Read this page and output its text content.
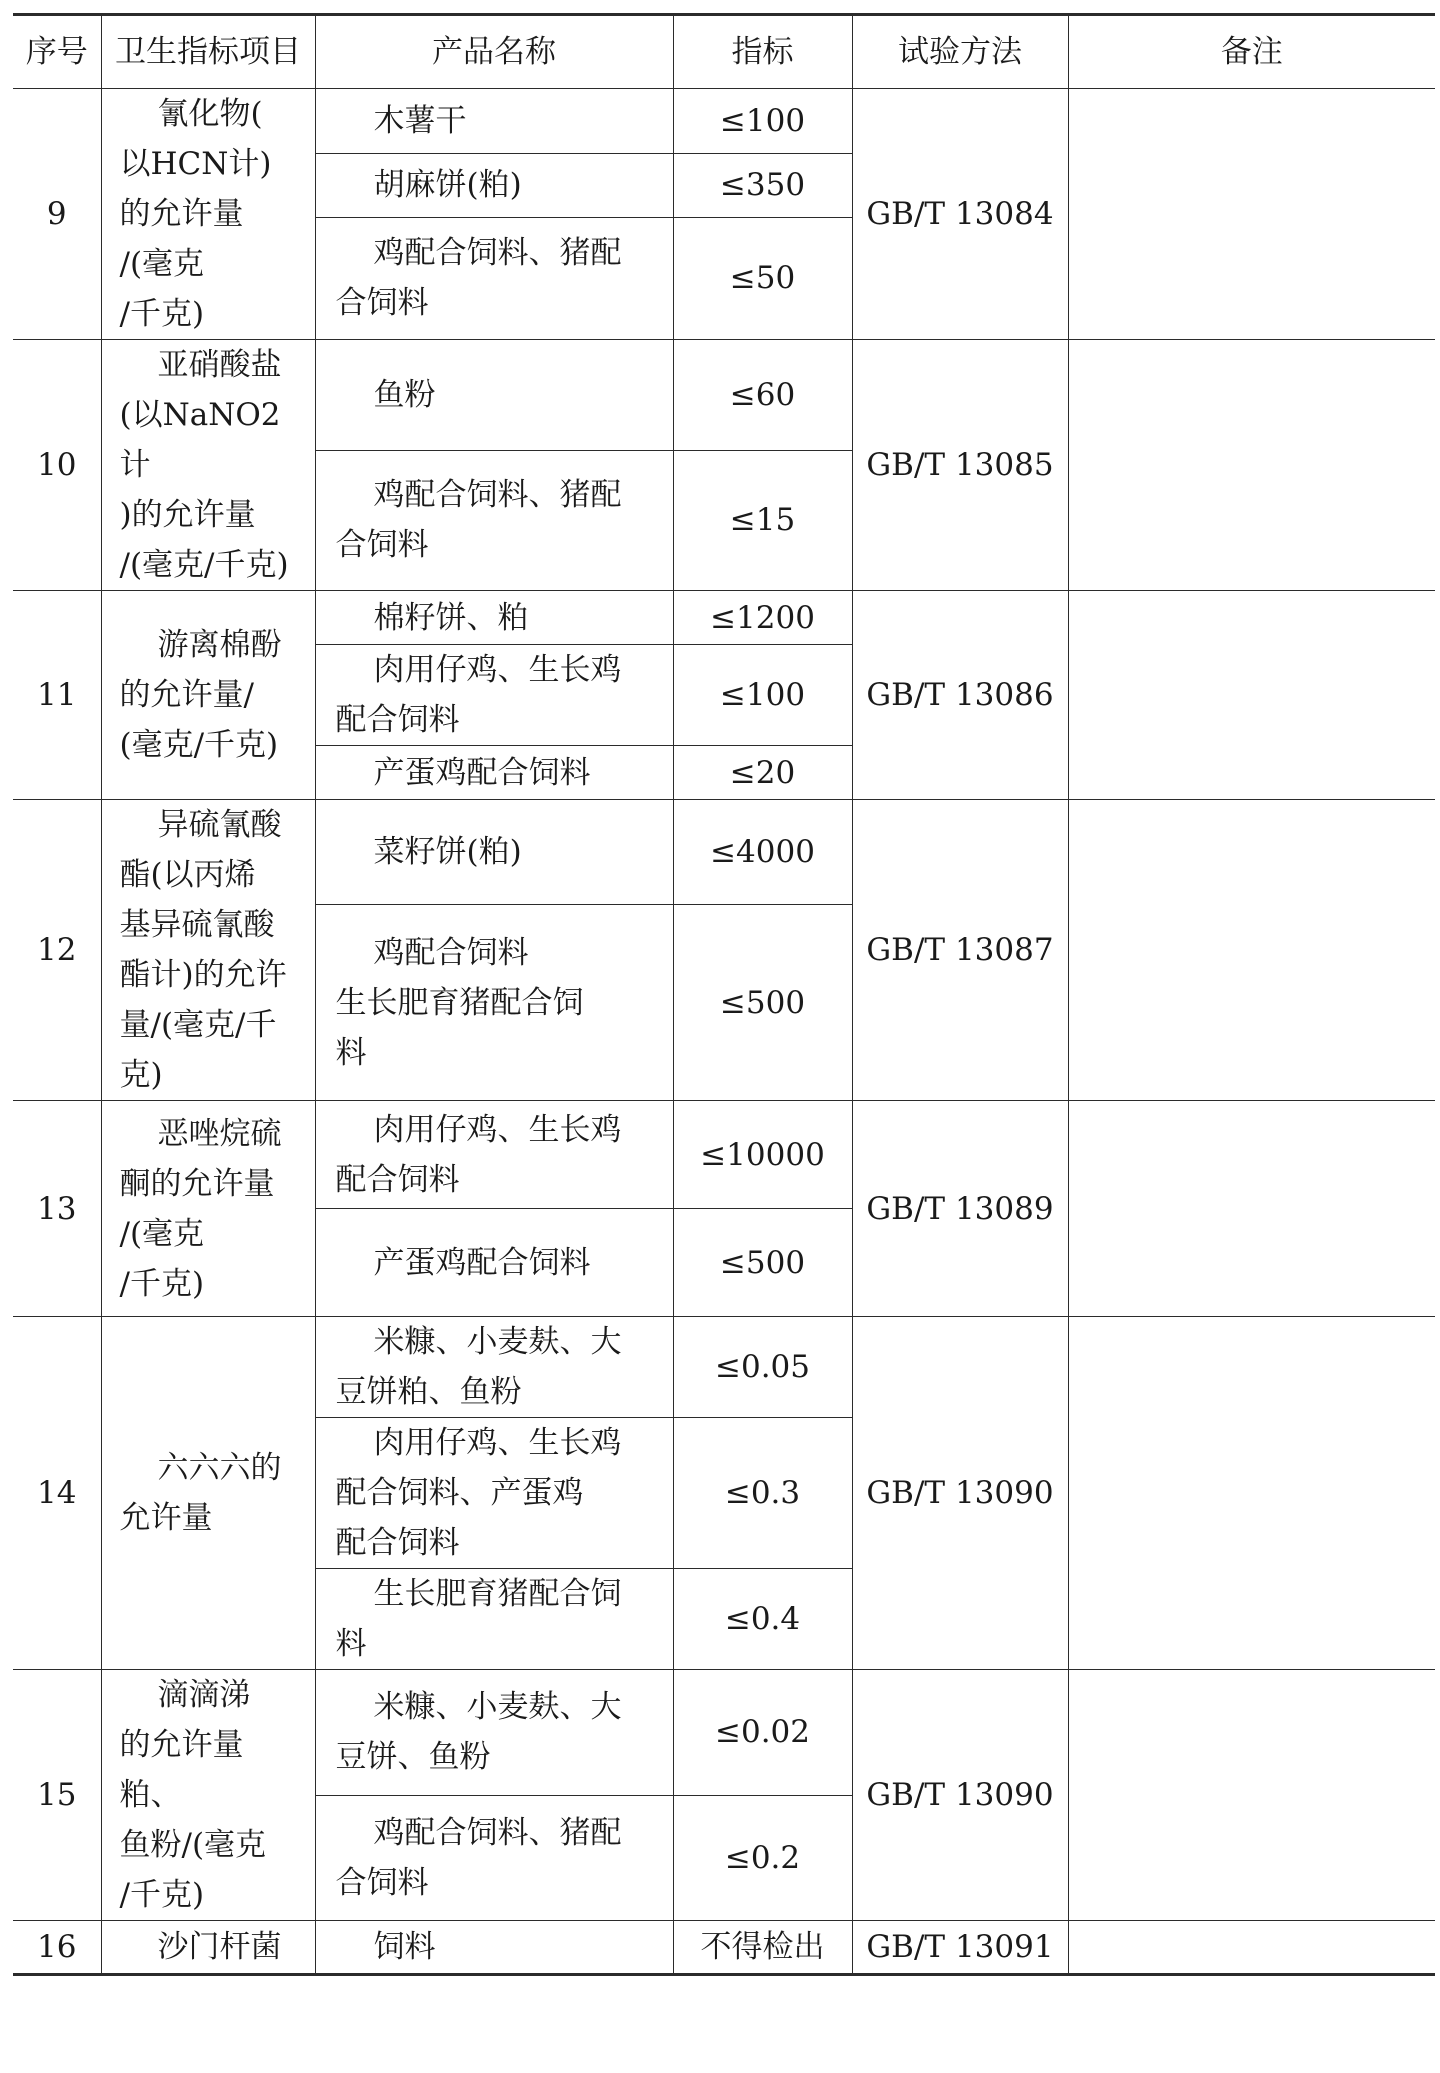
序号	卫生指标项目	产品名称	指标	试验方法	备注
9	氰化物(
以HCN计)
的允许量
/(毫克
/千克)	木薯干	≤100	GB/T 13084	
		胡麻饼(粕)	≤350		
		鸡配合饲料、猪配
合饲料	≤50		
10	亚硝酸盐
(以NaNO2计
)的允许量
/(毫克/千克)	鱼粉	≤60	GB/T 13085	
		鸡配合饲料、猪配
合饲料	≤15		
11	游离棉酚
的允许量/
(毫克/千克)	棉籽饼、粕	≤1200	GB/T 13086	
		肉用仔鸡、生长鸡
配合饲料	≤100		
		产蛋鸡配合饲料	≤20		
12	异硫氰酸
酯(以丙烯
基异硫氰酸
酯计)的允许
量/(毫克/千克)	菜籽饼(粕)	≤4000	GB/T 13087	
		鸡配合饲料
生长肥育猪配合饲
料	≤500		
13	恶唑烷硫
酮的允许量
/(毫克
/千克)	肉用仔鸡、生长鸡
配合饲料	≤10000	GB/T 13089	
		产蛋鸡配合饲料	≤500		
14	六六六的
允许量	米糠、小麦麸、大
豆饼粕、鱼粉	≤0.05	GB/T 13090	
		肉用仔鸡、生长鸡
配合饲料、产蛋鸡
配合饲料	≤0.3		
		生长肥育猪配合饲
料	≤0.4		
15	滴滴涕
的允许量粕、
鱼粉/(毫克
/千克)	米糠、小麦麸、大
豆饼、鱼粉	≤0.02	GB/T 13090	
		鸡配合饲料、猪配
合饲料	≤0.2		
16	沙门杆菌	饲料	不得检出	GB/T 13091	
